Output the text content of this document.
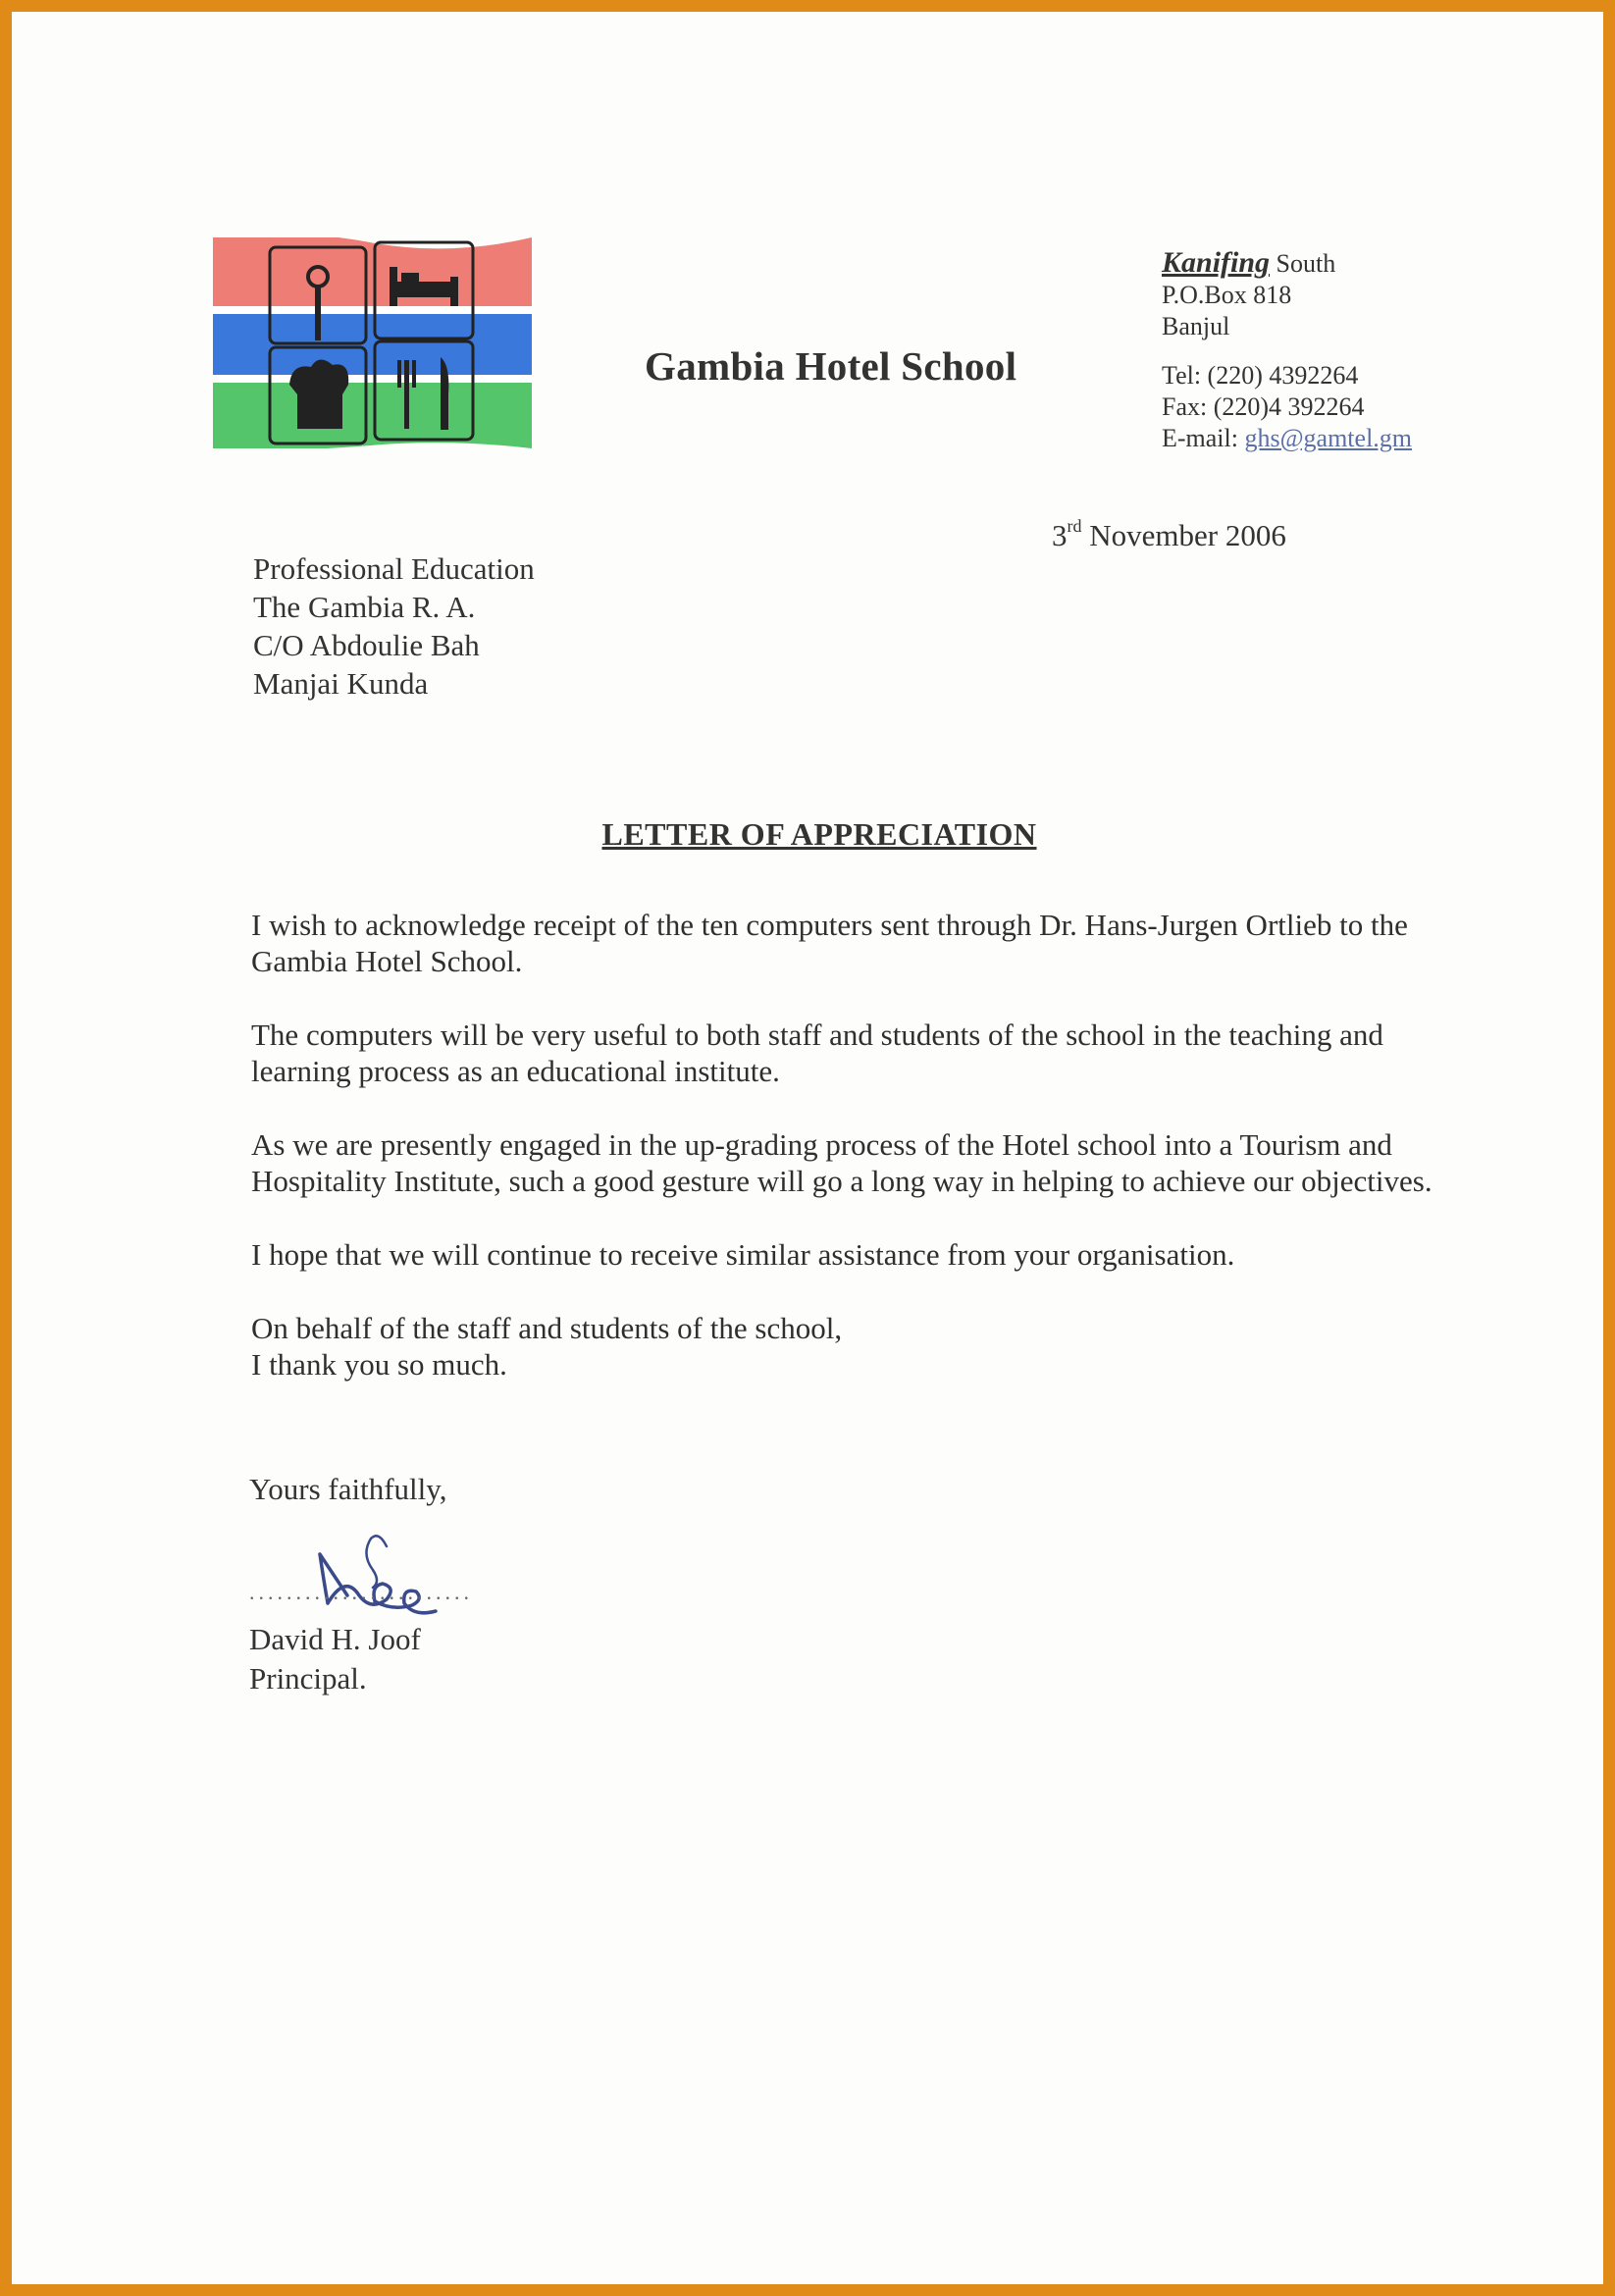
Gambia Hotel School
Kanifing South
P.O.Box 818
Banjul
Tel: (220) 4392264
Fax: (220)4 392264
E-mail: ghs@gamtel.gm
3rd November 2006
Professional Education
The Gambia R. A.
C/O Abdoulie Bah
Manjai Kunda
LETTER OF APPRECIATION

I wish to acknowledge receipt of the ten computers sent through Dr. Hans-Jurgen Ortlieb to the Gambia Hotel School.

The computers will be very useful to both staff and students of the school in the teaching and learning process as an educational institute.

As we are presently engaged in the up-grading process of the Hotel school into a Tourism and Hospitality Institute, such a good gesture will go a long way in helping to achieve our objectives.

I hope that we will continue to receive similar assistance from your organisation.

On behalf of the staff and students of the school,
I thank you so much.

Yours faithfully,
........................
David H. Joof
Principal.
